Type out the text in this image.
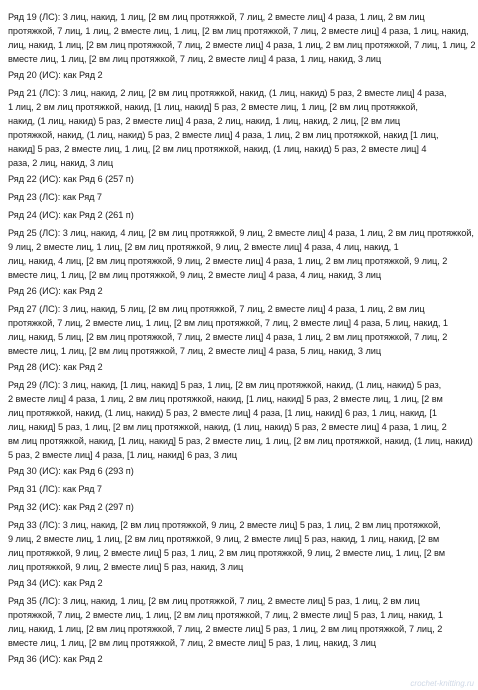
Ряд 19 (ЛС): 3 лиц, накид, 1 лиц, [2 вм лиц протяжкой, 7 лиц, 2 вместе лиц] 4 раза, 1 лиц, 2 вм лиц
протяжкой, 7 лиц, 1 лиц, 2 вместе лиц, 1 лиц, [2 вм лиц протяжкой, 7 лиц, 2 вместе лиц] 4 раза, 1 лиц, накид,
лиц, накид, 1 лиц, [2 вм лиц протяжкой, 7 лиц, 2 вместе лиц] 4 раза, 1 лиц, 2 вм лиц протяжкой, 7 лиц, 1 лиц, 2
вместе лиц, 1 лиц, [2 вм лиц протяжкой, 7 лиц, 2 вместе лиц] 4 раза, 1 лиц, накид, 3 лиц
Ряд 20 (ИС): как Ряд 2
Ряд 21 (ЛС): 3 лиц, накид, 2 лиц, [2 вм лиц протяжкой, накид, (1 лиц, накид) 5 раз, 2 вместе лиц] 4 раза,
1 лиц, 2 вм лиц протяжкой, накид, [1 лиц, накид] 5 раз, 2 вместе лиц, 1 лиц, [2 вм лиц протяжкой,
накид, (1 лиц, накид) 5 раз, 2 вместе лиц] 4 раза, 2 лиц, накид, 1 лиц, накид, 2 лиц, [2 вм лиц
протяжкой, накид, (1 лиц, накид) 5 раз, 2 вместе лиц] 4 раза, 1 лиц, 2 вм лиц протяжкой, накид [1 лиц,
накид] 5 раз, 2 вместе лиц, 1 лиц, [2 вм лиц протяжкой, накид, (1 лиц, накид) 5 раз, 2 вместе лиц] 4
раза, 2 лиц, накид, 3 лиц
Ряд 22 (ИС): как Ряд 6 (257 п)
Ряд 23 (ЛС): как Ряд 7
Ряд 24 (ИС): как Ряд 2 (261 п)
Ряд 25 (ЛС): 3 лиц, накид, 4 лиц, [2 вм лиц протяжкой, 9 лиц, 2 вместе лиц] 4 раза, 1 лиц, 2 вм лиц протяжкой,
9 лиц, 2 вместе лиц, 1 лиц, [2 вм лиц протяжкой, 9 лиц, 2 вместе лиц] 4 раза, 4 лиц, накид, 1
лиц, накид, 4 лиц, [2 вм лиц протяжкой, 9 лиц, 2 вместе лиц] 4 раза, 1 лиц, 2 вм лиц протяжкой, 9 лиц, 2
вместе лиц, 1 лиц, [2 вм лиц протяжкой, 9 лиц, 2 вместе лиц] 4 раза, 4 лиц, накид, 3 лиц
Ряд 26 (ИС): как Ряд 2
Ряд 27 (ЛС): 3 лиц, накид, 5 лиц, [2 вм лиц протяжкой, 7 лиц, 2 вместе лиц] 4 раза, 1 лиц, 2 вм лиц
протяжкой, 7 лиц, 2 вместе лиц, 1 лиц, [2 вм лиц протяжкой, 7 лиц, 2 вместе лиц] 4 раза, 5 лиц, накид, 1
лиц, накид, 5 лиц, [2 вм лиц протяжкой, 7 лиц, 2 вместе лиц] 4 раза, 1 лиц, 2 вм лиц протяжкой, 7 лиц, 2
вместе лиц, 1 лиц, [2 вм лиц протяжкой, 7 лиц, 2 вместе лиц] 4 раза, 5 лиц, накид, 3 лиц
Ряд 28 (ИС): как Ряд 2
Ряд 29 (ЛС): 3 лиц, накид, [1 лиц, накид] 5 раз, 1 лиц, [2 вм лиц протяжкой, накид, (1 лиц, накид) 5 раз,
2 вместе лиц] 4 раза, 1 лиц, 2 вм лиц протяжкой, накид, [1 лиц, накид] 5 раз, 2 вместе лиц, 1 лиц, [2 вм
лиц протяжкой, накид, (1 лиц, накид) 5 раз, 2 вместе лиц] 4 раза, [1 лиц, накид] 6 раз, 1 лиц, накид, [1
лиц, накид] 5 раз, 1 лиц, [2 вм лиц протяжкой, накид, (1 лиц, накид) 5 раз, 2 вместе лиц] 4 раза, 1 лиц, 2
вм лиц протяжкой, накид, [1 лиц, накид] 5 раз, 2 вместе лиц, 1 лиц, [2 вм лиц протяжкой, накид, (1 лиц, накид)
5 раз, 2 вместе лиц] 4 раза, [1 лиц, накид] 6 раз, 3 лиц
Ряд 30 (ИС): как Ряд 6 (293 п)
Ряд 31 (ЛС): как Ряд 7
Ряд 32 (ИС): как Ряд 2 (297 п)
Ряд 33 (ЛС): 3 лиц, накид, [2 вм лиц протяжкой, 9 лиц, 2 вместе лиц] 5 раз, 1 лиц, 2 вм лиц протяжкой,
9 лиц, 2 вместе лиц, 1 лиц, [2 вм лиц протяжкой, 9 лиц, 2 вместе лиц] 5 раз, накид, 1 лиц, накид, [2 вм
лиц протяжкой, 9 лиц, 2 вместе лиц] 5 раз, 1 лиц, 2 вм лиц протяжкой, 9 лиц, 2 вместе лиц, 1 лиц, [2 вм
лиц протяжкой, 9 лиц, 2 вместе лиц] 5 раз, накид, 3 лиц
Ряд 34 (ИС): как Ряд 2
Ряд 35 (ЛС): 3 лиц, накид, 1 лиц, [2 вм лиц протяжкой, 7 лиц, 2 вместе лиц] 5 раз, 1 лиц, 2 вм лиц
протяжкой, 7 лиц, 2 вместе лиц, 1 лиц, [2 вм лиц протяжкой, 7 лиц, 2 вместе лиц] 5 раз, 1 лиц, накид, 1
лиц, накид, 1 лиц, [2 вм лиц протяжкой, 7 лиц, 2 вместе лиц] 5 раз, 1 лиц, 2 вм лиц протяжкой, 7 лиц, 2
вместе лиц, 1 лиц, [2 вм лиц протяжкой, 7 лиц, 2 вместе лиц] 5 раз, 1 лиц, накид, 3 лиц
Ряд 36 (ИС): как Ряд 2
crochet-knitting.ru
